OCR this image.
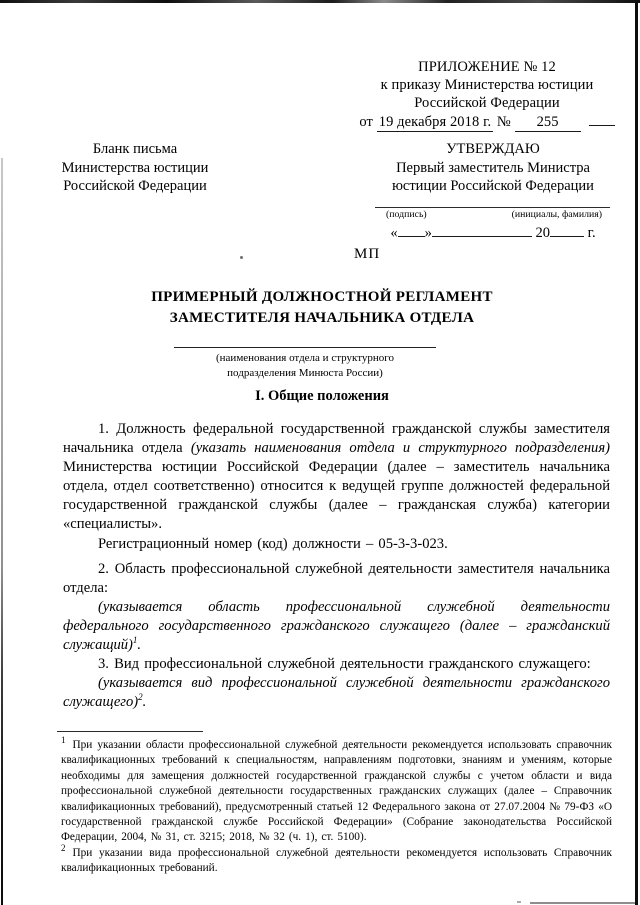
ПРИЛОЖЕНИЕ № 12
к приказу Министерства юстиции
Российской Федерации
от 19 декабря 2018 г. № 255
Бланк письма
Министерства юстиции
Российской Федерации
УТВЕРЖДАЮ
Первый заместитель Министра
юстиции Российской Федерации
(подпись)	(инициалы, фамилия)
« »	20 г.
МП
ПРИМЕРНЫЙ ДОЛЖНОСТНОЙ РЕГЛАМЕНТ
ЗАМЕСТИТЕЛЯ НАЧАЛЬНИКА ОТДЕЛА
(наименования отдела и структурного
подразделения Минюста России)
I. Общие положения

1. Должность федеральной государственной гражданской службы заместителя начальника отдела (указать наименования отдела и структурного подразделения) Министерства юстиции Российской Федерации (далее – заместитель начальника отдела, отдел соответственно) относится к ведущей группе должностей федеральной государственной гражданской службы (далее – гражданская служба) категории «специалисты».

Регистрационный номер (код) должности – 05-3-3-023.

2. Область профессиональной служебной деятельности заместителя начальника отдела:

(указывается область профессиональной служебной деятельности федерального государственного гражданского служащего (далее – гражданский служащий)$^1$.

3. Вид профессиональной служебной деятельности гражданского служащего:

(указывается вид профессиональной служебной деятельности гражданского служащего)$^2$.

$^1$ При указании области профессиональной служебной деятельности рекомендуется использовать справочник квалификационных требований к специальностям, направлениям подготовки, знаниям и умениям, которые необходимы для замещения должностей государственной гражданской службы с учетом области и вида профессиональной служебной деятельности государственных гражданских служащих (далее – Справочник квалификационных требований), предусмотренный статьей 12 Федерального закона от 27.07.2004 № 79-ФЗ «О государственной гражданской службе Российской Федерации» (Собрание законодательства Российской Федерации, 2004, № 31, ст. 3215; 2018, № 32 (ч. 1), ст. 5100).

$^2$ При указании вида профессиональной служебной деятельности рекомендуется использовать Справочник квалификационных требований.
